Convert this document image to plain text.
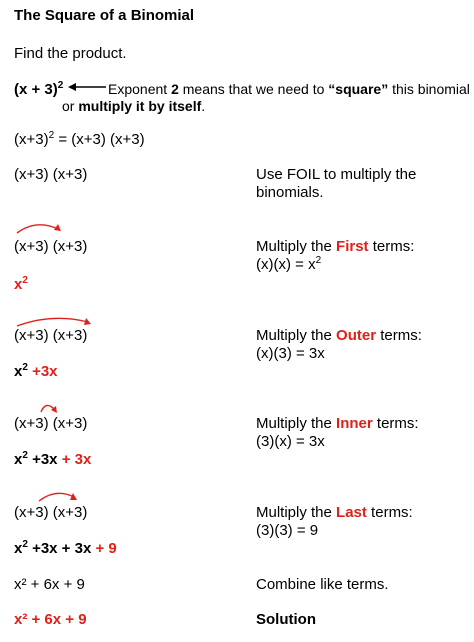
The Square of a Binomial
Find the product.
$(x + 3)^2$	Exponent 2 means that we need to “square” this binomial
or multiply it by itself.
$(x+3)^2 = (x+3)$ (x+3)
(x+3) (x+3)	Use FOIL to multiply the
binomials.
(x+3) (x+3)	Multiply the First terms:
$(x)(x) = x^2$
$x^2$
(x+3) (x+3)	Multiply the Outer terms:
(x)(3) = 3x
$x^2 +3x$
(x+3) (x+3)	Multiply the Inner terms:
(3)(x) = 3x
$x^2 +3x + 3x$
(x+3) (x+3)	Multiply the Last terms:
(3)(3) = 9
$x^2 +3x + 3x + 9$
x² + 6x + 9	Combine like terms.
x² + 6x + 9	Solution
